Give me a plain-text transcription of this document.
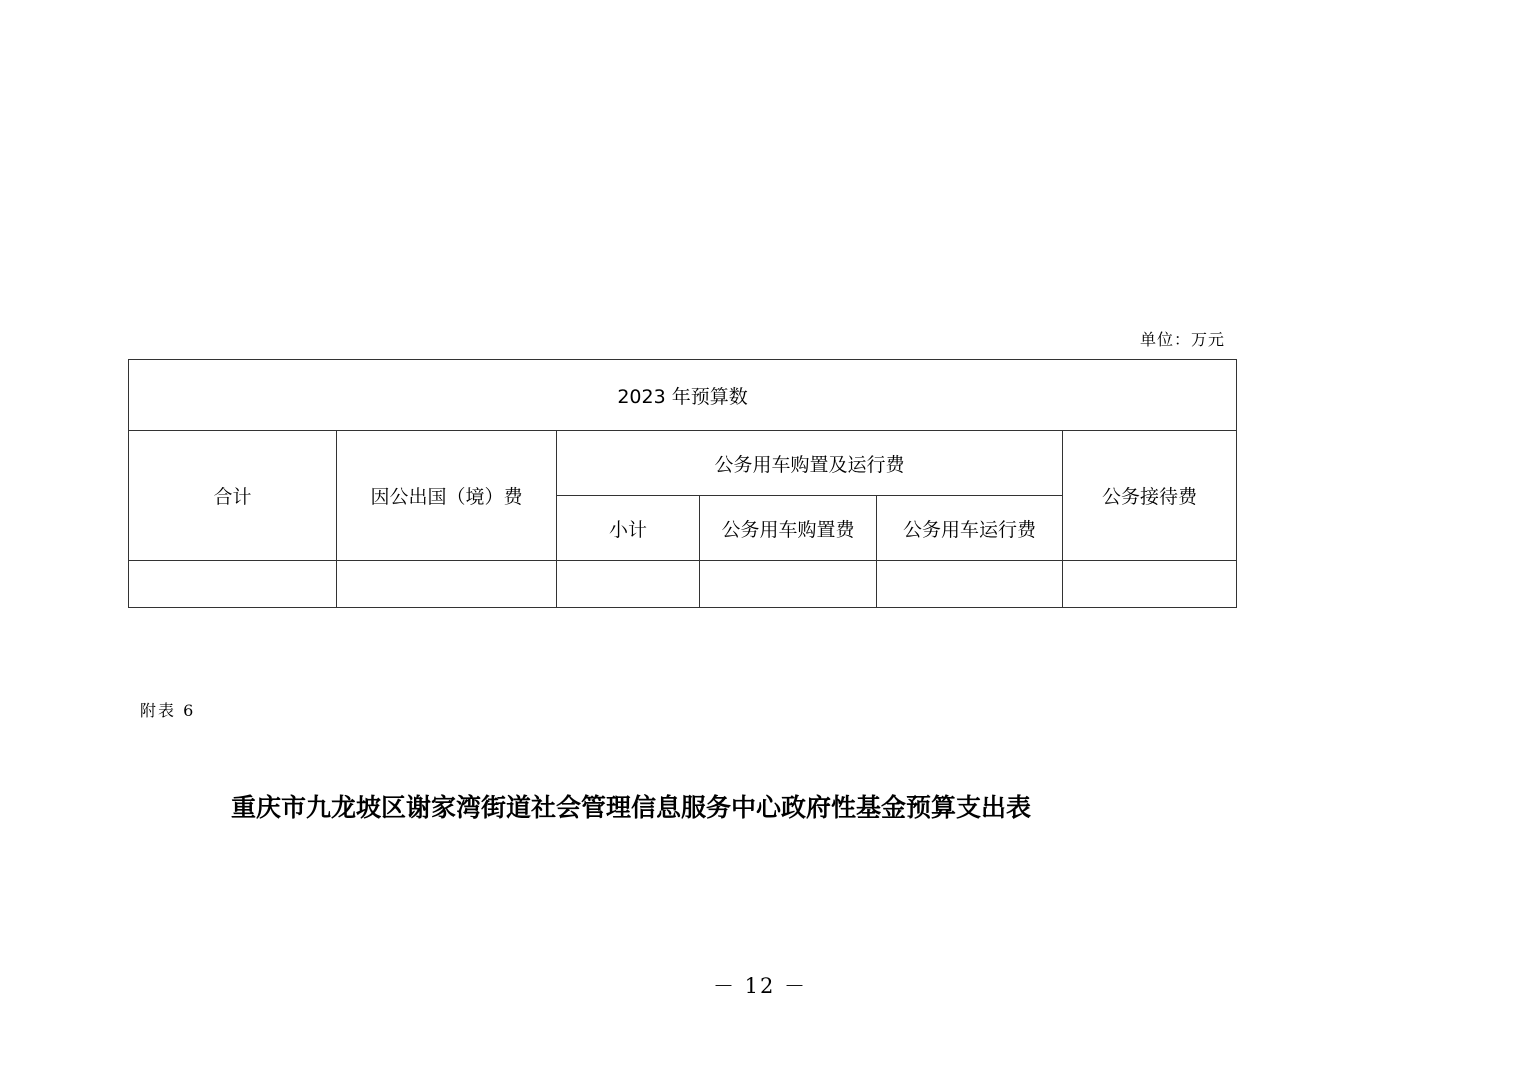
单位：万元
2023 年预算数					
合计	因公出国（境）费	公务用车购置及运行费			公务接待费
		小计	公务用车购置费	公务用车运行费	

附表 6
重庆市九龙坡区谢家湾街道社会管理信息服务中心政府性基金预算支出表
－ 12 －
